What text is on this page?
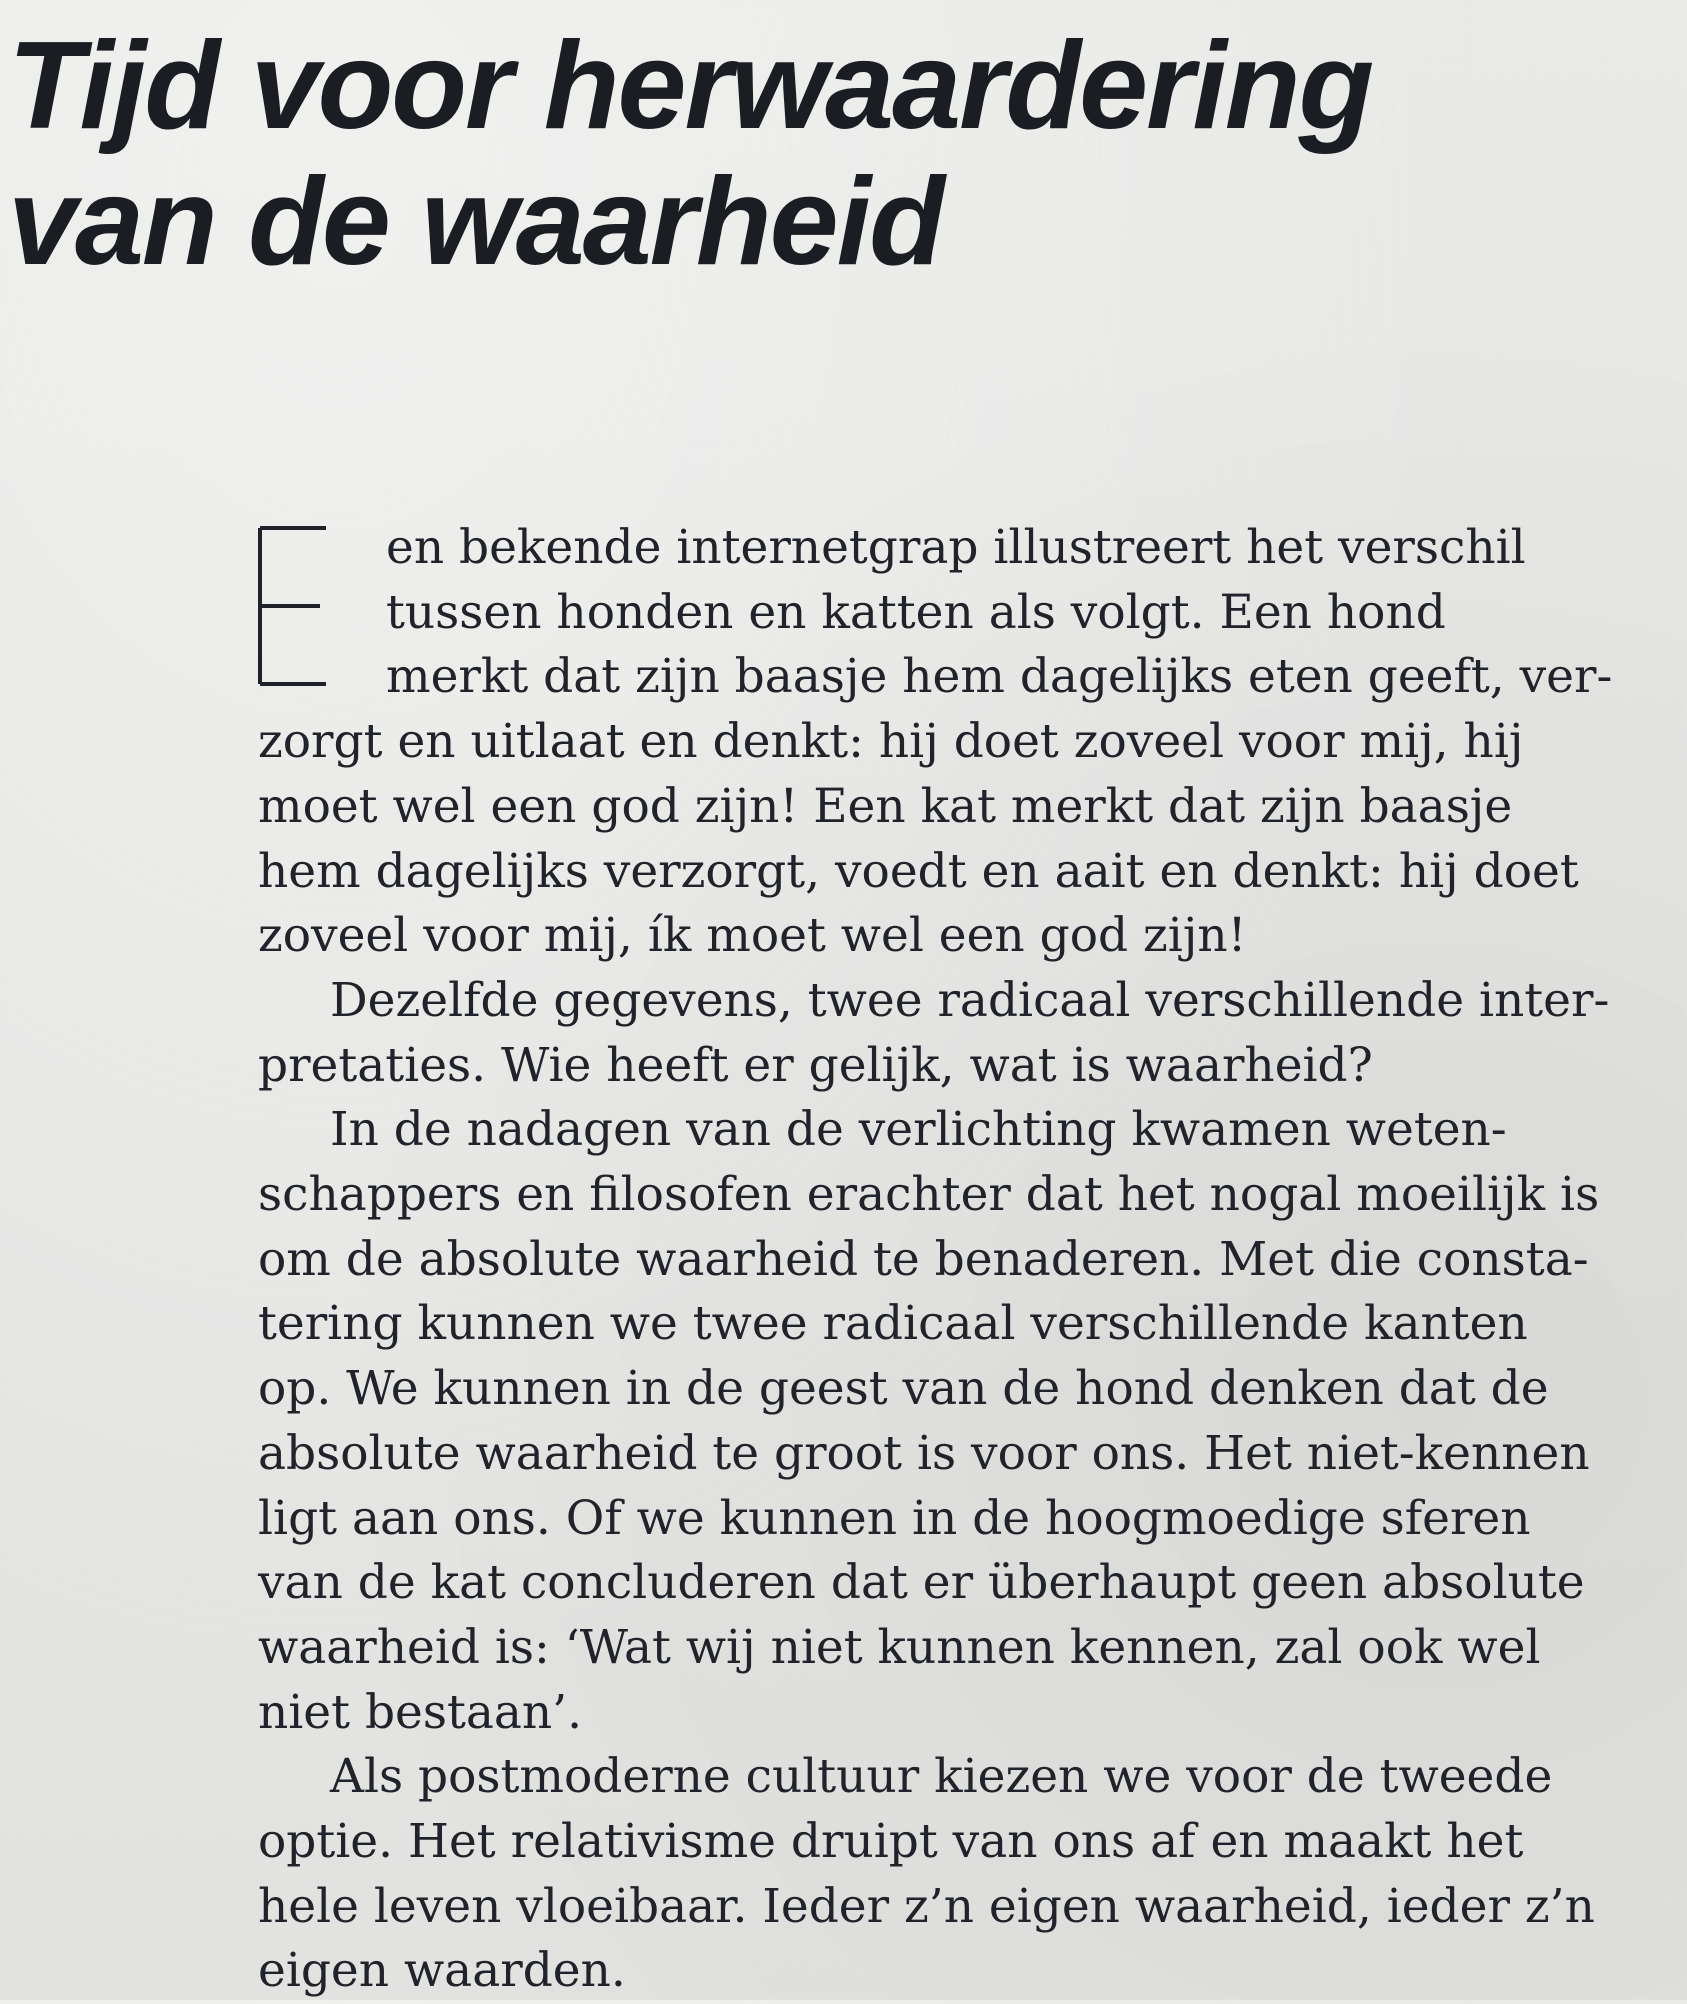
Tijd voor herwaardering
van de waarheid

en bekende internetgrap illustreert het verschil
tussen honden en katten als volgt. Een hond
merkt dat zijn baasje hem dagelijks eten geeft, ver-
zorgt en uitlaat en denkt: hij doet zoveel voor mij, hij
moet wel een god zijn! Een kat merkt dat zijn baasje
hem dagelijks verzorgt, voedt en aait en denkt: hij doet
zoveel voor mij, ík moet wel een god zijn!

Dezelfde gegevens, twee radicaal verschillende inter-
pretaties. Wie heeft er gelijk, wat is waarheid?

In de nadagen van de verlichting kwamen weten-
schappers en filosofen erachter dat het nogal moeilijk is
om de absolute waarheid te benaderen. Met die consta-
tering kunnen we twee radicaal verschillende kanten
op. We kunnen in de geest van de hond denken dat de
absolute waarheid te groot is voor ons. Het niet-kennen
ligt aan ons. Of we kunnen in de hoogmoedige sferen
van de kat concluderen dat er überhaupt geen absolute
waarheid is: ‘Wat wij niet kunnen kennen, zal ook wel
niet bestaan’.

Als postmoderne cultuur kiezen we voor de tweede
optie. Het relativisme druipt van ons af en maakt het
hele leven vloeibaar. Ieder z’n eigen waarheid, ieder z’n
eigen waarden.
